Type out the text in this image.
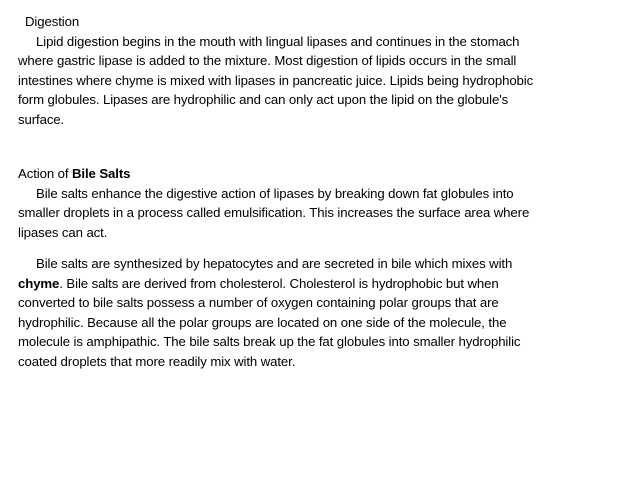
Digestion
Lipid digestion begins in the mouth with lingual lipases and continues in the stomach
where gastric lipase is added to the mixture. Most digestion of lipids occurs in the small
intestines where chyme is mixed with lipases in pancreatic juice. Lipids being hydrophobic
form globules. Lipases are hydrophilic and can only act upon the lipid on the globule's
surface.
Action of Bile Salts
Bile salts enhance the digestive action of lipases by breaking down fat globules into
smaller droplets in a process called emulsification. This increases the surface area where
lipases can act.
Bile salts are synthesized by hepatocytes and are secreted in bile which mixes with
chyme. Bile salts are derived from cholesterol. Cholesterol is hydrophobic but when
converted to bile salts possess a number of oxygen containing polar groups that are
hydrophilic. Because all the polar groups are located on one side of the molecule, the
molecule is amphipathic. The bile salts break up the fat globules into smaller hydrophilic
coated droplets that more readily mix with water.
